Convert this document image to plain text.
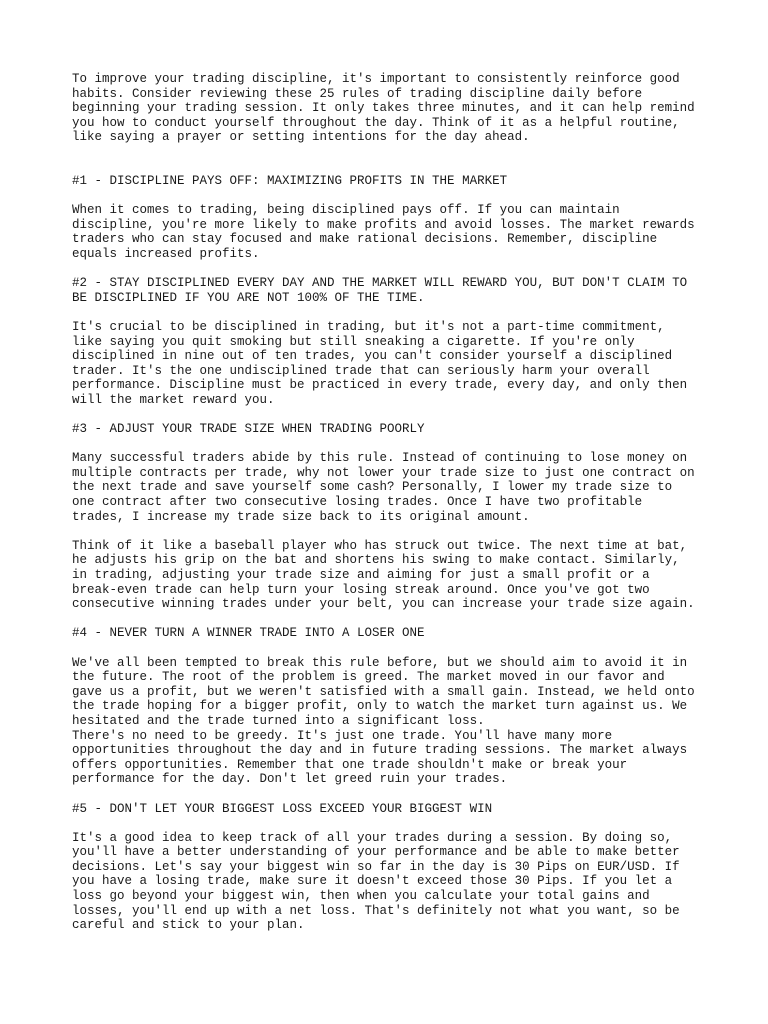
To improve your trading discipline, it's important to consistently reinforce good
habits. Consider reviewing these 25 rules of trading discipline daily before
beginning your trading session. It only takes three minutes, and it can help remind
you how to conduct yourself throughout the day. Think of it as a helpful routine,
like saying a prayer or setting intentions for the day ahead.
#1 - DISCIPLINE PAYS OFF: MAXIMIZING PROFITS IN THE MARKET
When it comes to trading, being disciplined pays off. If you can maintain
discipline, you're more likely to make profits and avoid losses. The market rewards
traders who can stay focused and make rational decisions. Remember, discipline
equals increased profits.
#2 - STAY DISCIPLINED EVERY DAY AND THE MARKET WILL REWARD YOU, BUT DON'T CLAIM TO
BE DISCIPLINED IF YOU ARE NOT 100% OF THE TIME.
It's crucial to be disciplined in trading, but it's not a part-time commitment,
like saying you quit smoking but still sneaking a cigarette. If you're only
disciplined in nine out of ten trades, you can't consider yourself a disciplined
trader. It's the one undisciplined trade that can seriously harm your overall
performance. Discipline must be practiced in every trade, every day, and only then
will the market reward you.
#3 - ADJUST YOUR TRADE SIZE WHEN TRADING POORLY
Many successful traders abide by this rule. Instead of continuing to lose money on
multiple contracts per trade, why not lower your trade size to just one contract on
the next trade and save yourself some cash? Personally, I lower my trade size to
one contract after two consecutive losing trades. Once I have two profitable
trades, I increase my trade size back to its original amount.
Think of it like a baseball player who has struck out twice. The next time at bat,
he adjusts his grip on the bat and shortens his swing to make contact. Similarly,
in trading, adjusting your trade size and aiming for just a small profit or a
break-even trade can help turn your losing streak around. Once you've got two
consecutive winning trades under your belt, you can increase your trade size again.
#4 - NEVER TURN A WINNER TRADE INTO A LOSER ONE
We've all been tempted to break this rule before, but we should aim to avoid it in
the future. The root of the problem is greed. The market moved in our favor and
gave us a profit, but we weren't satisfied with a small gain. Instead, we held onto
the trade hoping for a bigger profit, only to watch the market turn against us. We
hesitated and the trade turned into a significant loss.
There's no need to be greedy. It's just one trade. You'll have many more
opportunities throughout the day and in future trading sessions. The market always
offers opportunities. Remember that one trade shouldn't make or break your
performance for the day. Don't let greed ruin your trades.
#5 - DON'T LET YOUR BIGGEST LOSS EXCEED YOUR BIGGEST WIN
It's a good idea to keep track of all your trades during a session. By doing so,
you'll have a better understanding of your performance and be able to make better
decisions. Let's say your biggest win so far in the day is 30 Pips on EUR/USD. If
you have a losing trade, make sure it doesn't exceed those 30 Pips. If you let a
loss go beyond your biggest win, then when you calculate your total gains and
losses, you'll end up with a net loss. That's definitely not what you want, so be
careful and stick to your plan.
